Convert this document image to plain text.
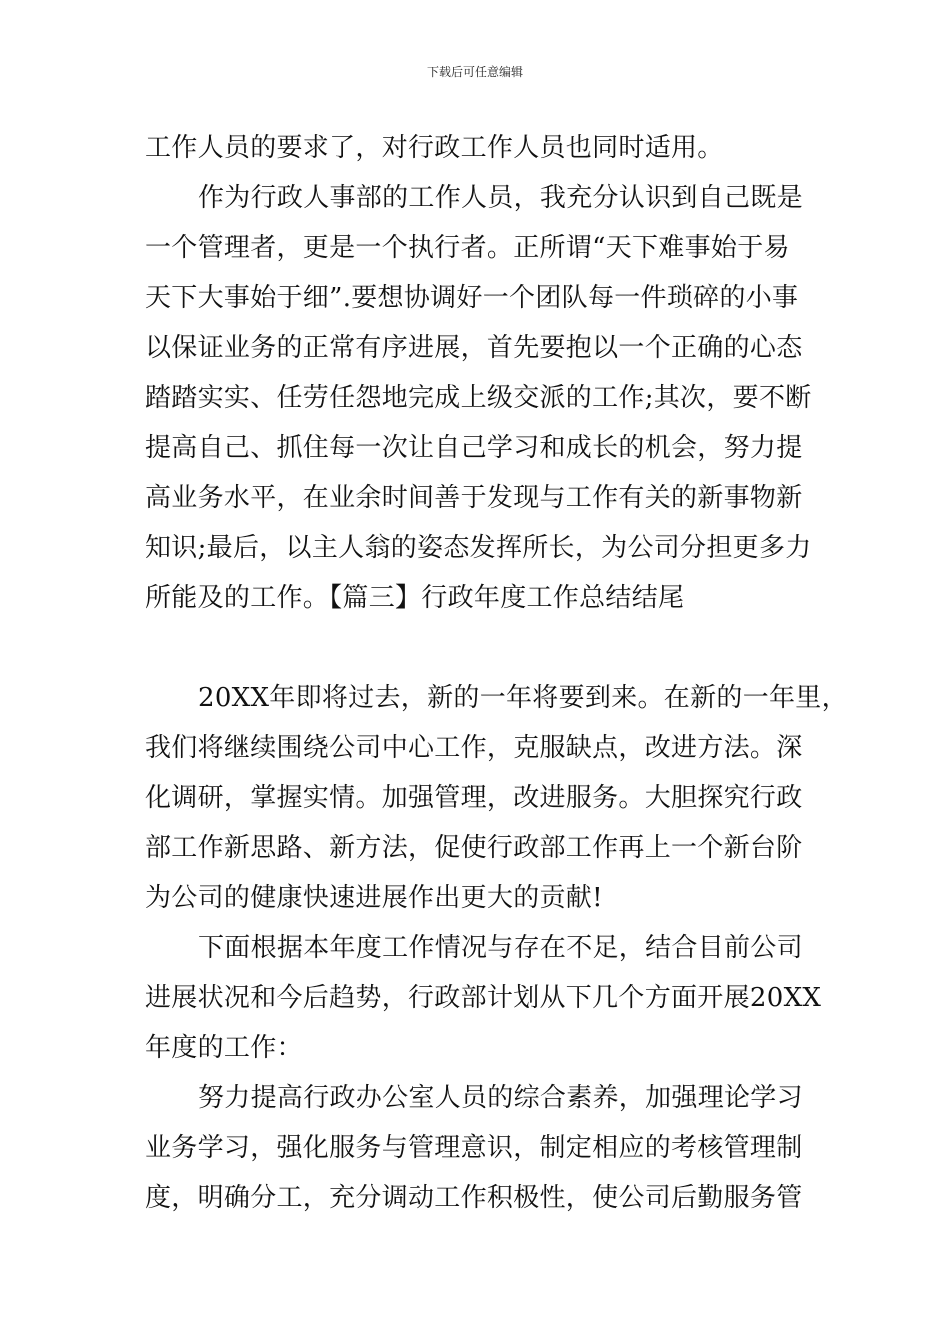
下载后可任意编辑
工作人员的要求了，对行政工作人员也同时适用。
作为行政人事部的工作人员，我充分认识到自己既是
一个管理者，更是一个执行者。正所谓“天下难事始于易
天下大事始于细”.要想协调好一个团队每一件琐碎的小事
以保证业务的正常有序进展，首先要抱以一个正确的心态
踏踏实实、任劳任怨地完成上级交派的工作;其次，要不断
提高自己、抓住每一次让自己学习和成长的机会，努力提
高业务水平，在业余时间善于发现与工作有关的新事物新
知识;最后，以主人翁的姿态发挥所长，为公司分担更多力
所能及的工作。【篇三】行政年度工作总结结尾
20XX年即将过去，新的一年将要到来。在新的一年里，
我们将继续围绕公司中心工作，克服缺点，改进方法。深
化调研，掌握实情。加强管理，改进服务。大胆探究行政
部工作新思路、新方法，促使行政部工作再上一个新台阶
为公司的健康快速进展作出更大的贡献!
下面根据本年度工作情况与存在不足，结合目前公司
进展状况和今后趋势，行政部计划从下几个方面开展20XX
年度的工作：
努力提高行政办公室人员的综合素养，加强理论学习
业务学习，强化服务与管理意识，制定相应的考核管理制
度，明确分工，充分调动工作积极性，使公司后勤服务管
